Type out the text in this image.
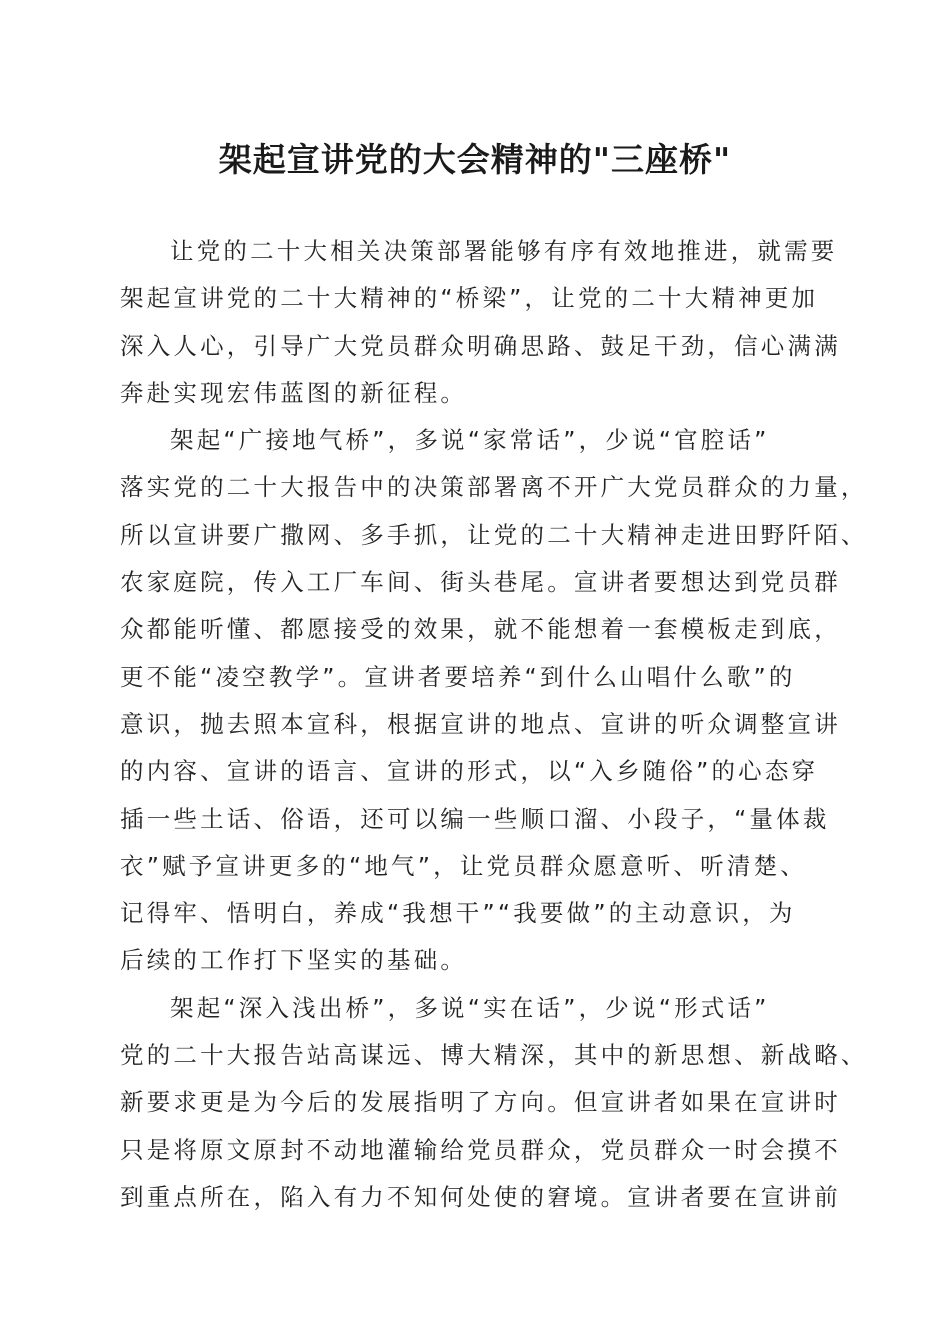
架起宣讲党的大会精神的"三座桥"
让党的二十大相关决策部署能够有序有效地推进，就需要
架起宣讲党的二十大精神的“桥梁”，让党的二十大精神更加
深入人心，引导广大党员群众明确思路、鼓足干劲，信心满满
奔赴实现宏伟蓝图的新征程。
架起“广接地气桥”，多说“家常话”，少说“官腔话”
落实党的二十大报告中的决策部署离不开广大党员群众的力量，
所以宣讲要广撒网、多手抓，让党的二十大精神走进田野阡陌、
农家庭院，传入工厂车间、街头巷尾。宣讲者要想达到党员群
众都能听懂、都愿接受的效果，就不能想着一套模板走到底，
更不能“凌空教学”。宣讲者要培养“到什么山唱什么歌”的
意识，抛去照本宣科，根据宣讲的地点、宣讲的听众调整宣讲
的内容、宣讲的语言、宣讲的形式，以“入乡随俗”的心态穿
插一些土话、俗语，还可以编一些顺口溜、小段子，“量体裁
衣”赋予宣讲更多的“地气”，让党员群众愿意听、听清楚、
记得牢、悟明白，养成“我想干”“我要做”的主动意识，为
后续的工作打下坚实的基础。
架起“深入浅出桥”，多说“实在话”，少说“形式话”
党的二十大报告站高谋远、博大精深，其中的新思想、新战略、
新要求更是为今后的发展指明了方向。但宣讲者如果在宣讲时
只是将原文原封不动地灌输给党员群众，党员群众一时会摸不
到重点所在，陷入有力不知何处使的窘境。宣讲者要在宣讲前
